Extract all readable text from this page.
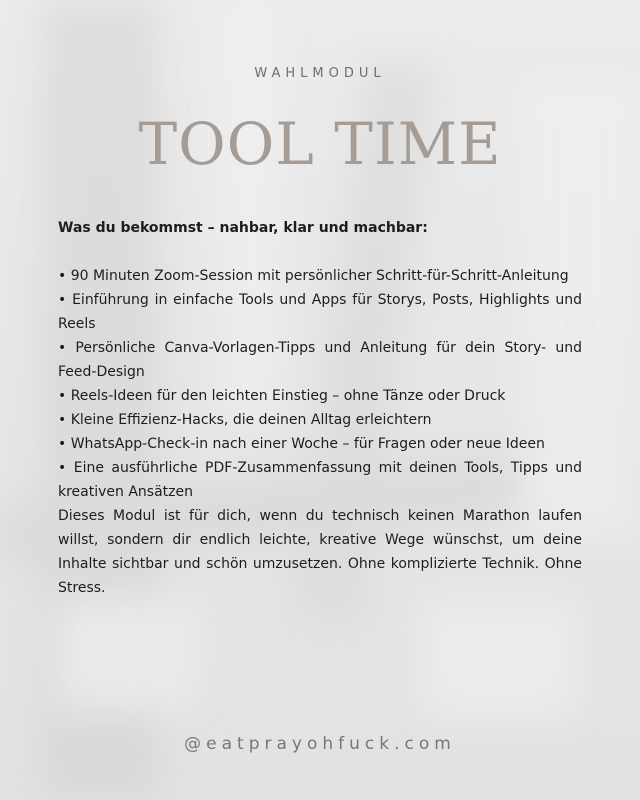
WAHLMODUL
TOOL TIME

Was du bekommst – nahbar, klar und machbar:

• 90 Minuten Zoom-Session mit persönlicher Schritt-für-Schritt-Anleitung
• Einführung in einfache Tools und Apps für Storys, Posts, Highlights und Reels
• Persönliche Canva-Vorlagen-Tipps und Anleitung für dein Story- und Feed-Design
• Reels-Ideen für den leichten Einstieg – ohne Tänze oder Druck
• Kleine Effizienz-Hacks, die deinen Alltag erleichtern
• WhatsApp-Check-in nach einer Woche – für Fragen oder neue Ideen
• Eine ausführliche PDF-Zusammenfassung mit deinen Tools, Tipps und kreativen Ansätzen

Dieses Modul ist für dich, wenn du technisch keinen Marathon laufen willst, sondern dir endlich leichte, kreative Wege wünschst, um deine Inhalte sichtbar und schön umzusetzen. Ohne komplizierte Technik. Ohne Stress.

@eatprayohfuck.com
